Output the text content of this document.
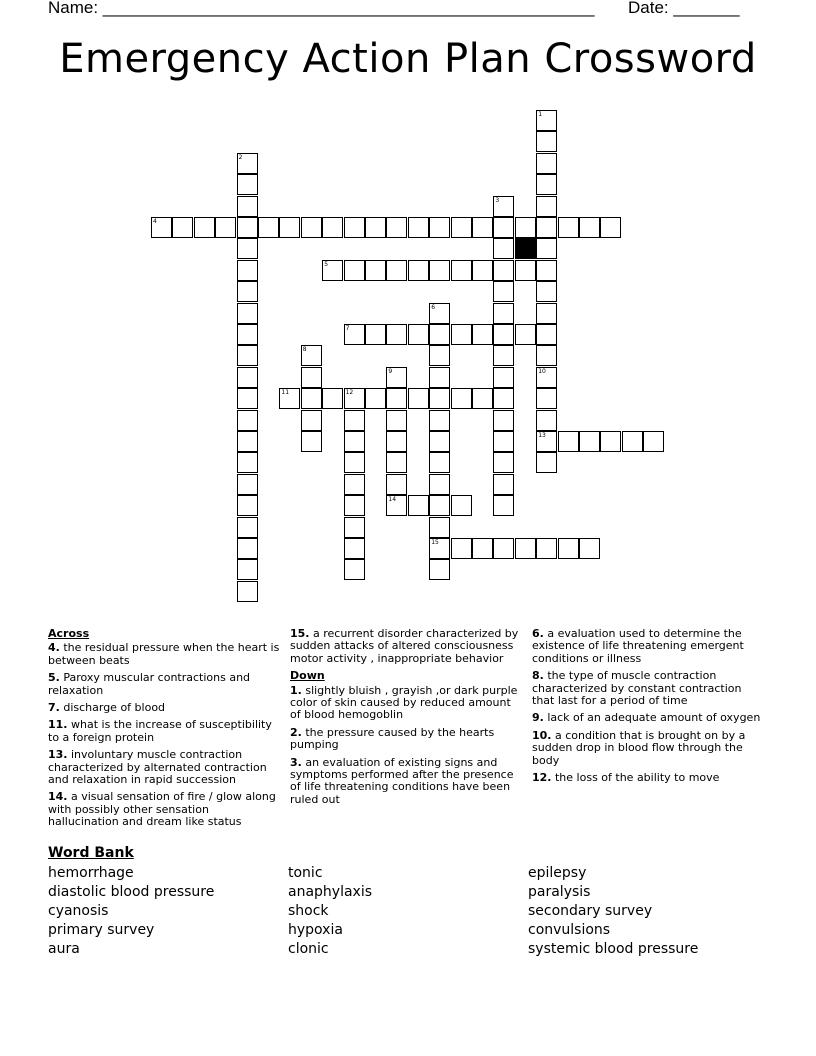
Name: ____________________________________________________ Date: _______
Emergency Action Plan Crossword
1
10
2
3
4
5
6
15
7
8
9
14
13
11	12
Across
4. the residual pressure when the heart is between beats
5. Paroxy muscular contractions and relaxation
7. discharge of blood
11. what is the increase of susceptibility to a foreign protein
13. involuntary muscle contraction characterized by alternated contraction and relaxation in rapid succession
14. a visual sensation of fire / glow along with possibly other sensation hallucination and dream like status
15. a recurrent disorder characterized by sudden attacks of altered consciousness motor activity , inappropriate behavior
Down
1. slightly bluish , grayish ,or dark purple color of skin caused by reduced amount of blood hemogoblin
2. the pressure caused by the hearts pumping
3. an evaluation of existing signs and symptoms performed after the presence of life threatening conditions have been ruled out
6. a evaluation used to determine the existence of life threatening emergent conditions or illness
8. the type of muscle contraction characterized by constant contraction that last for a period of time
9. lack of an adequate amount of oxygen
10. a condition that is brought on by a sudden drop in blood flow through the body
12. the loss of the ability to move
Word Bank
hemorrhage
diastolic blood pressure
cyanosis
primary survey
aura
tonic
anaphylaxis
shock
hypoxia
clonic
epilepsy
paralysis
secondary survey
convulsions
systemic blood pressure
